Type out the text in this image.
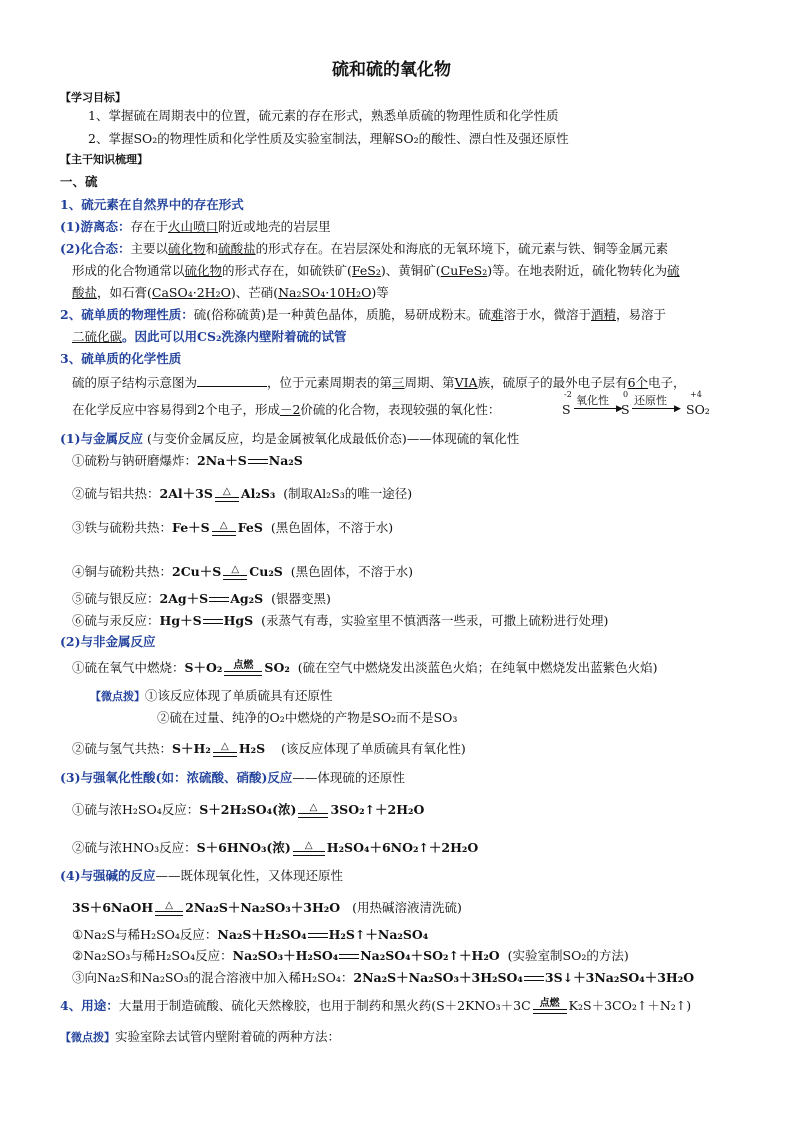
硫和硫的氧化物
【学习目标】
1、掌握硫在周期表中的位置，硫元素的存在形式，熟悉单质硫的物理性质和化学性质
2、掌握SO₂的物理性质和化学性质及实验室制法，理解SO₂的酸性、漂白性及强还原性
【主干知识梳理】
一、硫
1、硫元素在自然界中的存在形式
(1)游离态：存在于火山喷口附近或地壳的岩层里
(2)化合态：主要以硫化物和硫酸盐的形式存在。在岩层深处和海底的无氧环境下，硫元素与铁、铜等金属元素
形成的化合物通常以硫化物的形式存在，如硫铁矿(FeS₂)、黄铜矿(CuFeS₂)等。在地表附近，硫化物转化为硫
酸盐，如石膏(CaSO₄·2H₂O)、芒硝(Na₂SO₄·10H₂O)等
2、硫单质的物理性质：硫(俗称硫黄)是一种黄色晶体，质脆，易研成粉末。硫难溶于水，微溶于酒精，易溶于
二硫化碳。因此可以用CS₂洗涤内壁附着硫的试管
3、硫单质的化学性质
硫的原子结构示意图为	，位于元素周期表的第三周期、第VIA族，硫原子的最外电子层有6个电子，
在化学反应中容易得到2个电子，形成－2价硫的化合物，表现较强的氧化性：
-2
S
氧化性
▶
0
S
还原性
▶
+4
SO₂
(1)与金属反应 (与变价金属反应，均是金属被氧化成最低价态)——体现硫的氧化性
①硫粉与钠研磨爆炸：2Na＋S Na₂S
②硫与铝共热：2Al＋3S △ Al₂S₃ (制取Al₂S₃的唯一途径)
③铁与硫粉共热：Fe＋S △ FeS (黑色固体，不溶于水)
④铜与硫粉共热：2Cu＋S △ Cu₂S (黑色固体，不溶于水)
⑤硫与银反应：2Ag＋S Ag₂S (银器变黑)
⑥硫与汞反应：Hg＋S HgS (汞蒸气有毒，实验室里不慎洒落一些汞，可撒上硫粉进行处理)
(2)与非金属反应
①硫在氧气中燃烧：S＋O₂ 点燃 SO₂ (硫在空气中燃烧发出淡蓝色火焰；在纯氧中燃烧发出蓝紫色火焰)
【微点拨】①该反应体现了单质硫具有还原性
②硫在过量、纯净的O₂中燃烧的产物是SO₂而不是SO₃
②硫与氢气共热：S＋H₂ △ H₂S (该反应体现了单质硫具有氧化性)
(3)与强氧化性酸(如：浓硫酸、硝酸)反应——体现硫的还原性
①硫与浓H₂SO₄反应：S＋2H₂SO₄(浓) △ 3SO₂↑＋2H₂O
②硫与浓HNO₃反应：S＋6HNO₃(浓) △ H₂SO₄＋6NO₂↑＋2H₂O
(4)与强碱的反应——既体现氧化性，又体现还原性
3S＋6NaOH △ 2Na₂S＋Na₂SO₃＋3H₂O (用热碱溶液清洗硫)
①Na₂S与稀H₂SO₄反应：Na₂S＋H₂SO₄ H₂S↑＋Na₂SO₄
②Na₂SO₃与稀H₂SO₄反应：Na₂SO₃＋H₂SO₄ Na₂SO₄＋SO₂↑＋H₂O (实验室制SO₂的方法)
③向Na₂S和Na₂SO₃的混合溶液中加入稀H₂SO₄：2Na₂S＋Na₂SO₃＋3H₂SO₄ 3S↓＋3Na₂SO₄＋3H₂O
4、用途：大量用于制造硫酸、硫化天然橡胶，也用于制药和黑火药(S＋2KNO₃＋3C 点燃 K₂S＋3CO₂↑＋N₂↑)
【微点拨】实验室除去试管内壁附着硫的两种方法：
